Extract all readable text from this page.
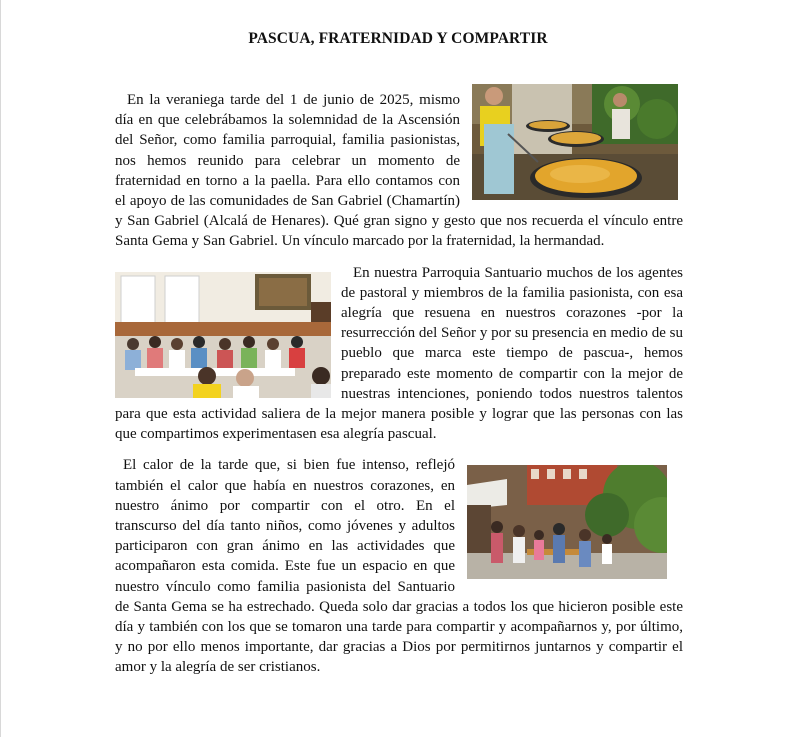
PASCUA, FRATERNIDAD Y COMPARTIR

En la veraniega tarde del 1 de junio de 2025, mismo día en que celebrábamos la solemnidad de la Ascensión del Señor, como familia parroquial, familia pasionistas, nos hemos reunido para celebrar un momento de fraternidad en torno a la paella. Para ello contamos con el apoyo de las comunidades de San Gabriel (Chamartín) y San Gabriel (Alcalá de Henares). Qué gran signo y gesto que nos recuerda el vínculo entre Santa Gema y San Gabriel. Un vínculo marcado por la fraternidad, la hermandad.

En nuestra Parroquia Santuario muchos de los agentes de pastoral y miembros de la familia pasionista, con esa alegría que resuena en nuestros corazones -por la resurrección del Señor y por su presencia en medio de su pueblo que marca este tiempo de pascua-, hemos preparado este momento de compartir con la mejor de nuestras intenciones, poniendo todos nuestros talentos para que esta actividad saliera de la mejor manera posible y lograr que las personas con las que compartimos experimentasen esa alegría pascual.

El calor de la tarde que, si bien fue intenso, reflejó también el calor que había en nuestros corazones, en nuestro ánimo por compartir con el otro. En el transcurso del día tanto niños, como jóvenes y adultos participaron con gran ánimo en las actividades que acompañaron esta comida. Este fue un espacio en que nuestro vínculo como familia pasionista del Santuario de Santa Gema se ha estrechado. Queda solo dar gracias a todos los que hicieron posible este día y también con los que se tomaron una tarde para compartir y acompañarnos y, por último, y no por ello menos importante, dar gracias a Dios por permitirnos juntarnos y compartir el amor y la alegría de ser cristianos.
